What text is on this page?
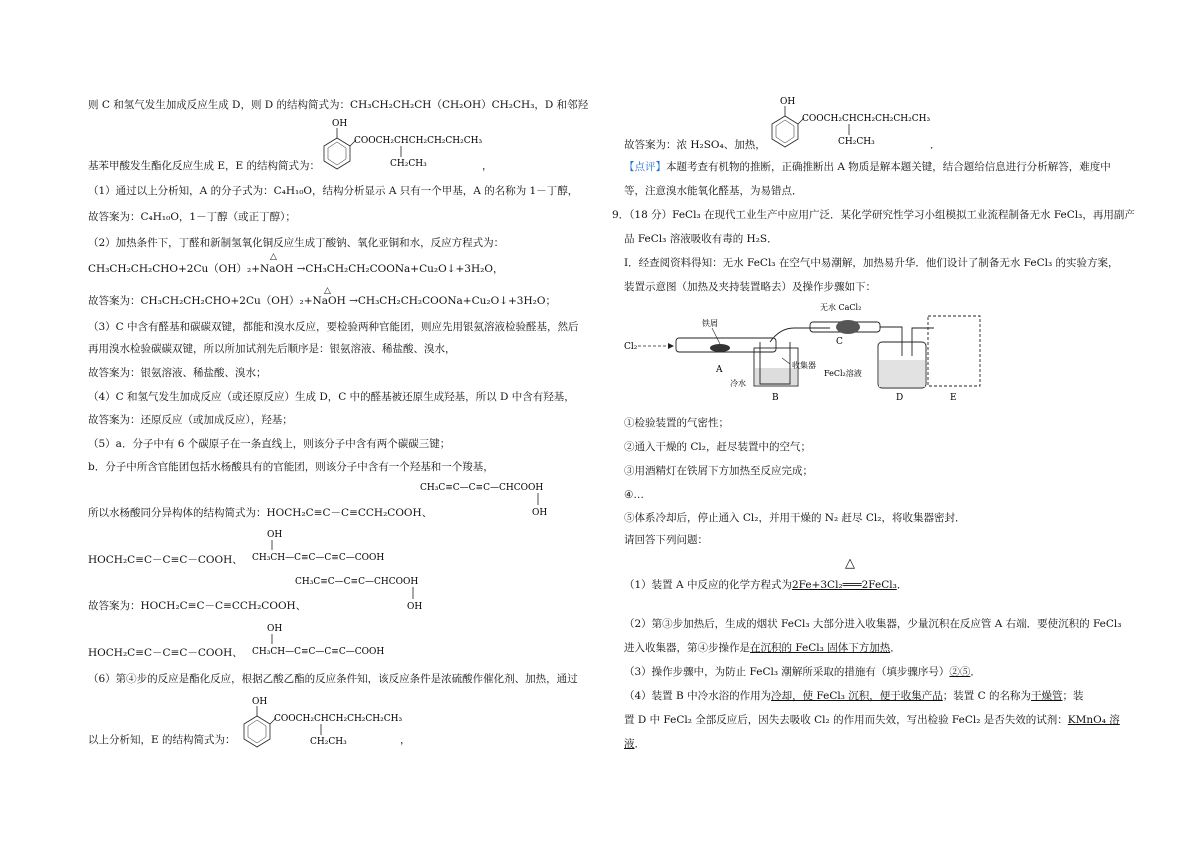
则 C 和氢气发生加成反应生成 D，则 D 的结构简式为：CH₃CH₂CH₂CH（CH₂OH）CH₂CH₃，D 和邻羟
OH
COOCH₂CHCH₂CH₂CH₂CH₃
CH₂CH₃
基苯甲酸发生酯化反应生成 E，E 的结构简式为：	，
（1）通过以上分析知，A 的分子式为：C₄H₁₀O，结构分析显示 A 只有一个甲基，A 的名称为 1－丁醇，
故答案为：C₄H₁₀O，1－丁醇（或正丁醇）；
（2）加热条件下，丁醛和新制氢氧化铜反应生成丁酸钠、氧化亚铜和水，反应方程式为：
△
CH₃CH₂CH₂CHO+2Cu（OH）₂+NaOH →CH₃CH₂CH₂COONa+Cu₂O↓+3H₂O，
△
故答案为：CH₃CH₂CH₂CHO+2Cu（OH）₂+NaOH →CH₃CH₂CH₂COONa+Cu₂O↓+3H₂O；
（3）C 中含有醛基和碳碳双键，都能和溴水反应，要检验两种官能团，则应先用银氨溶液检验醛基，然后
再用溴水检验碳碳双键，所以所加试剂先后顺序是：银氨溶液、稀盐酸、溴水，
故答案为：银氨溶液、稀盐酸、溴水；
（4）C 和氢气发生加成反应（或还原反应）生成 D，C 中的醛基被还原生成羟基，所以 D 中含有羟基，
故答案为：还原反应（或加成反应），羟基；
（5）a．分子中有 6 个碳原子在一条直线上，则该分子中含有两个碳碳三键；
b．分子中所含官能团包括水杨酸具有的官能团，则该分子中含有一个羟基和一个羧基，
CH₃C≡C—C≡C—CHCOOH
OH
所以水杨酸同分异构体的结构简式为：HOCH₂C≡C－C≡CCH₂COOH、
OH
CH₃CH—C≡C—C≡C—COOH
HOCH₂C≡C－C≡C－COOH、
CH₃C≡C—C≡C—CHCOOH
OH
故答案为：HOCH₂C≡C－C≡CCH₂COOH、
OH
CH₃CH—C≡C—C≡C—COOH
HOCH₂C≡C－C≡C－COOH、
（6）第④步的反应是酯化反应，根据乙酸乙酯的反应条件知，该反应条件是浓硫酸作催化剂、加热，通过
OH
COOCH₂CHCH₂CH₂CH₂CH₃
CH₂CH₃
以上分析知，E 的结构简式为：	，
OH
COOCH₂CHCH₂CH₂CH₂CH₃
CH₂CH₃
故答案为：浓 H₂SO₄、加热，	．
【点评】本题考查有机物的推断，正确推断出 A 物质是解本题关键，结合题给信息进行分析解答，难度中
等，注意溴水能氧化醛基，为易错点．
9．（18 分）FeCl₃ 在现代工业生产中应用广泛．某化学研究性学习小组模拟工业流程制备无水 FeCl₃，再用副产
品 FeCl₃ 溶液吸收有毒的 H₂S．
Ⅰ．经查阅资料得知：无水 FeCl₃ 在空气中易潮解，加热易升华．他们设计了制备无水 FeCl₃ 的实验方案，
装置示意图（加热及夹持装置略去）及操作步骤如下：
Cl₂
铁屑
A	收集器
冷水
B
无水 CaCl₂
C
FeCl₂溶液
D	E
①检验装置的气密性；
②通入干燥的 Cl₂，赶尽装置中的空气；
③用酒精灯在铁屑下方加热至反应完成；
④…
⑤体系冷却后，停止通入 Cl₂，并用干燥的 N₂ 赶尽 Cl₂，将收集器密封．
请回答下列问题：
△
（1）装置 A 中反应的化学方程式为2Fe+3Cl₂═══2FeCl₃．
（2）第③步加热后，生成的烟状 FeCl₃ 大部分进入收集器，少量沉积在反应管 A 右端．要使沉积的 FeCl₃
进入收集器，第④步操作是在沉积的 FeCl₃ 固体下方加热．
（3）操作步骤中，为防止 FeCl₃ 潮解所采取的措施有（填步骤序号）②⑤．
（4）装置 B 中冷水浴的作用为冷却，使 FeCl₃ 沉积，便于收集产品；装置 C 的名称为干燥管；装
置 D 中 FeCl₂ 全部反应后，因失去吸收 Cl₂ 的作用而失效，写出检验 FeCl₂ 是否失效的试剂：KMnO₄ 溶
液．
